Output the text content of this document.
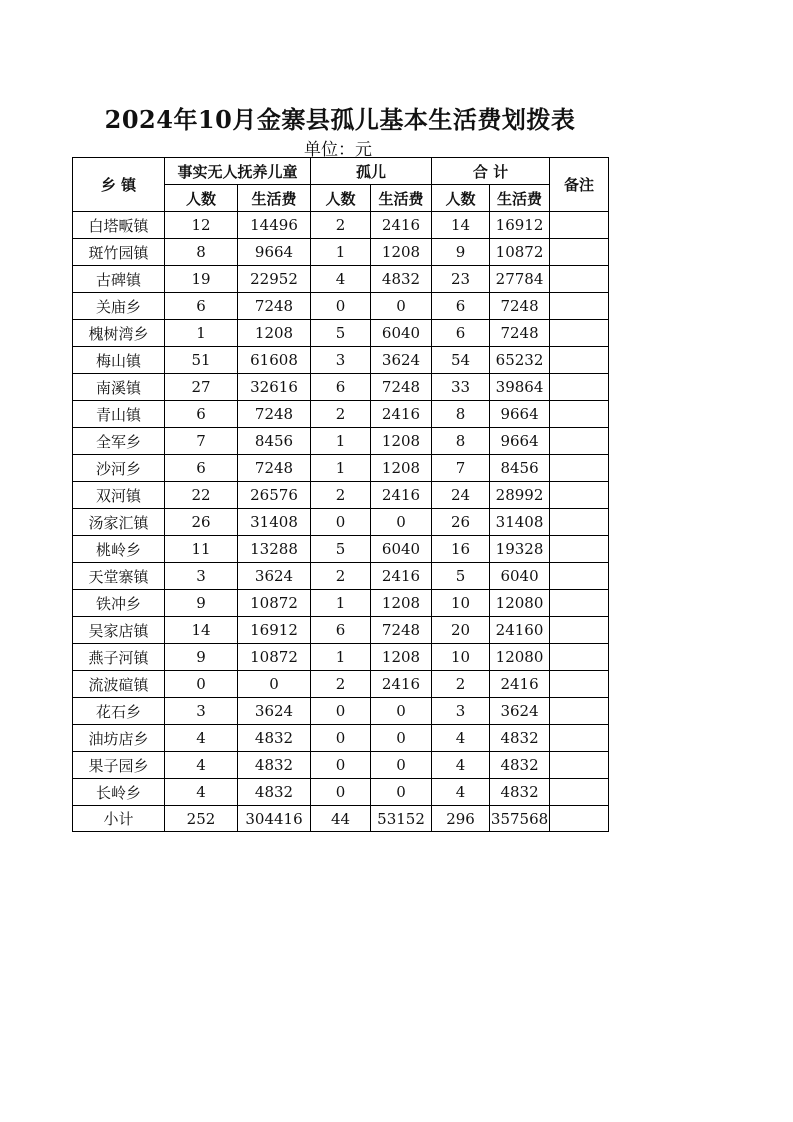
2024年10月金寨县孤儿基本生活费划拨表
单位：元
乡 镇	事实无人抚养儿童		孤儿		合 计		备注
	人数	生活费	人数	生活费	人数	生活费	
白塔畈镇	12	14496	2	2416	14	16912	
斑竹园镇	8	9664	1	1208	9	10872	
古碑镇	19	22952	4	4832	23	27784	
关庙乡	6	7248	0	0	6	7248	
槐树湾乡	1	1208	5	6040	6	7248	
梅山镇	51	61608	3	3624	54	65232	
南溪镇	27	32616	6	7248	33	39864	
青山镇	6	7248	2	2416	8	9664	
全军乡	7	8456	1	1208	8	9664	
沙河乡	6	7248	1	1208	7	8456	
双河镇	22	26576	2	2416	24	28992	
汤家汇镇	26	31408	0	0	26	31408	
桃岭乡	11	13288	5	6040	16	19328	
天堂寨镇	3	3624	2	2416	5	6040	
铁冲乡	9	10872	1	1208	10	12080	
吴家店镇	14	16912	6	7248	20	24160	
燕子河镇	9	10872	1	1208	10	12080	
流波碹镇	0	0	2	2416	2	2416	
花石乡	3	3624	0	0	3	3624	
油坊店乡	4	4832	0	0	4	4832	
果子园乡	4	4832	0	0	4	4832	
长岭乡	4	4832	0	0	4	4832	
小计	252	304416	44	53152	296	357568	
